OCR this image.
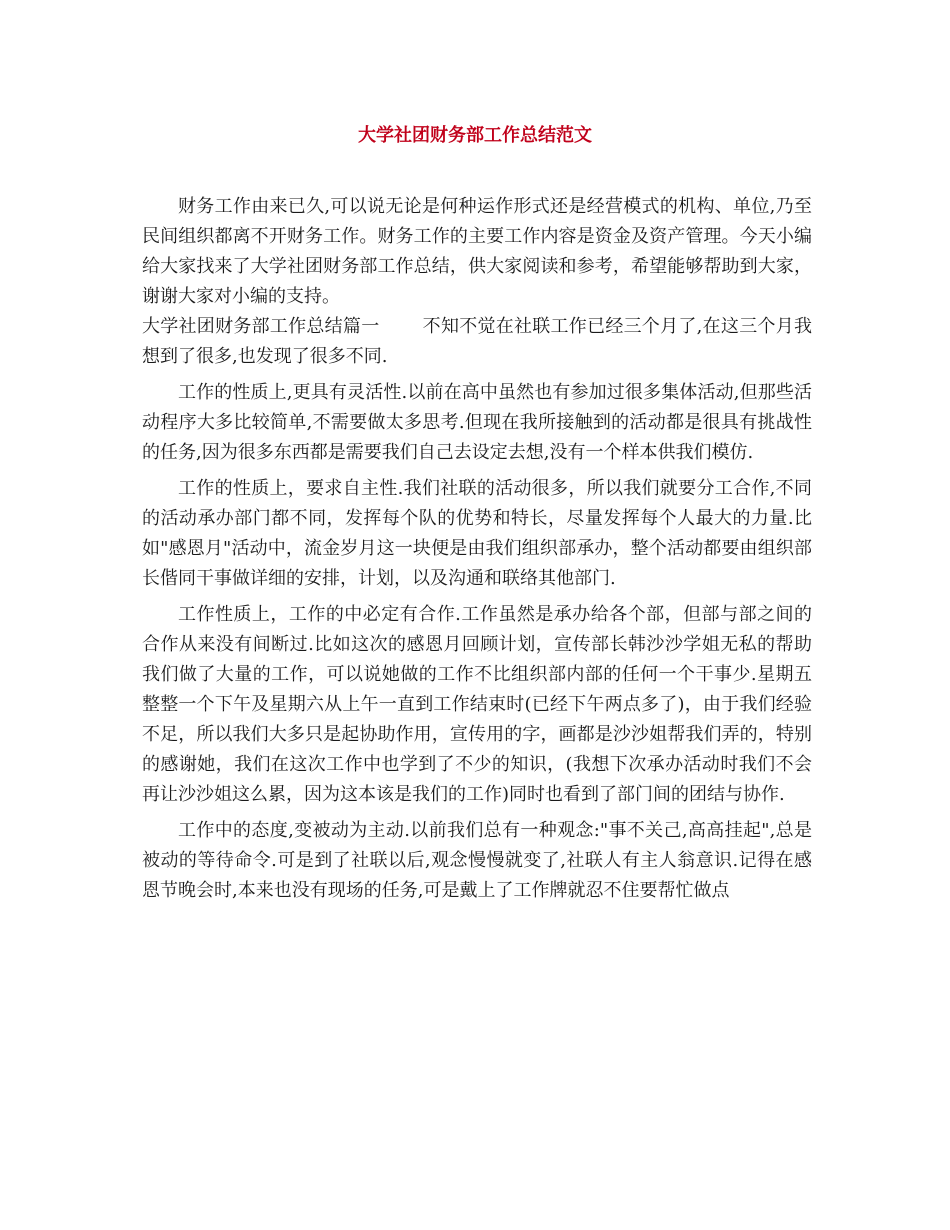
大学社团财务部工作总结范文

财务工作由来已久,可以说无论是何种运作形式还是经营模式的机构、单位,乃至民间组织都离不开财务工作。财务工作的主要工作内容是资金及资产管理。今天小编给大家找来了大学社团财务部工作总结，供大家阅读和参考，希望能够帮助到大家，谢谢大家对小编的支持。

大学社团财务部工作总结篇一 不知不觉在社联工作已经三个月了,在这三个月我想到了很多,也发现了很多不同.

工作的性质上,更具有灵活性.以前在高中虽然也有参加过很多集体活动,但那些活动程序大多比较简单,不需要做太多思考.但现在我所接触到的活动都是很具有挑战性的任务,因为很多东西都是需要我们自己去设定去想,没有一个样本供我们模仿.

工作的性质上，要求自主性.我们社联的活动很多，所以我们就要分工合作,不同的活动承办部门都不同，发挥每个队的优势和特长，尽量发挥每个人最大的力量.比如"感恩月"活动中，流金岁月这一块便是由我们组织部承办，整个活动都要由组织部长偕同干事做详细的安排，计划，以及沟通和联络其他部门.

工作性质上，工作的中必定有合作.工作虽然是承办给各个部，但部与部之间的合作从来没有间断过.比如这次的感恩月回顾计划，宣传部长韩沙沙学姐无私的帮助我们做了大量的工作，可以说她做的工作不比组织部内部的任何一个干事少.星期五整整一个下午及星期六从上午一直到工作结束时(已经下午两点多了)，由于我们经验不足，所以我们大多只是起协助作用，宣传用的字，画都是沙沙姐帮我们弄的，特别的感谢她，我们在这次工作中也学到了不少的知识，(我想下次承办活动时我们不会再让沙沙姐这么累，因为这本该是我们的工作)同时也看到了部门间的团结与协作.

工作中的态度,变被动为主动.以前我们总有一种观念:"事不关己,高高挂起",总是被动的等待命令.可是到了社联以后,观念慢慢就变了,社联人有主人翁意识.记得在感恩节晚会时,本来也没有现场的任务,可是戴上了工作牌就忍不住要帮忙做点
